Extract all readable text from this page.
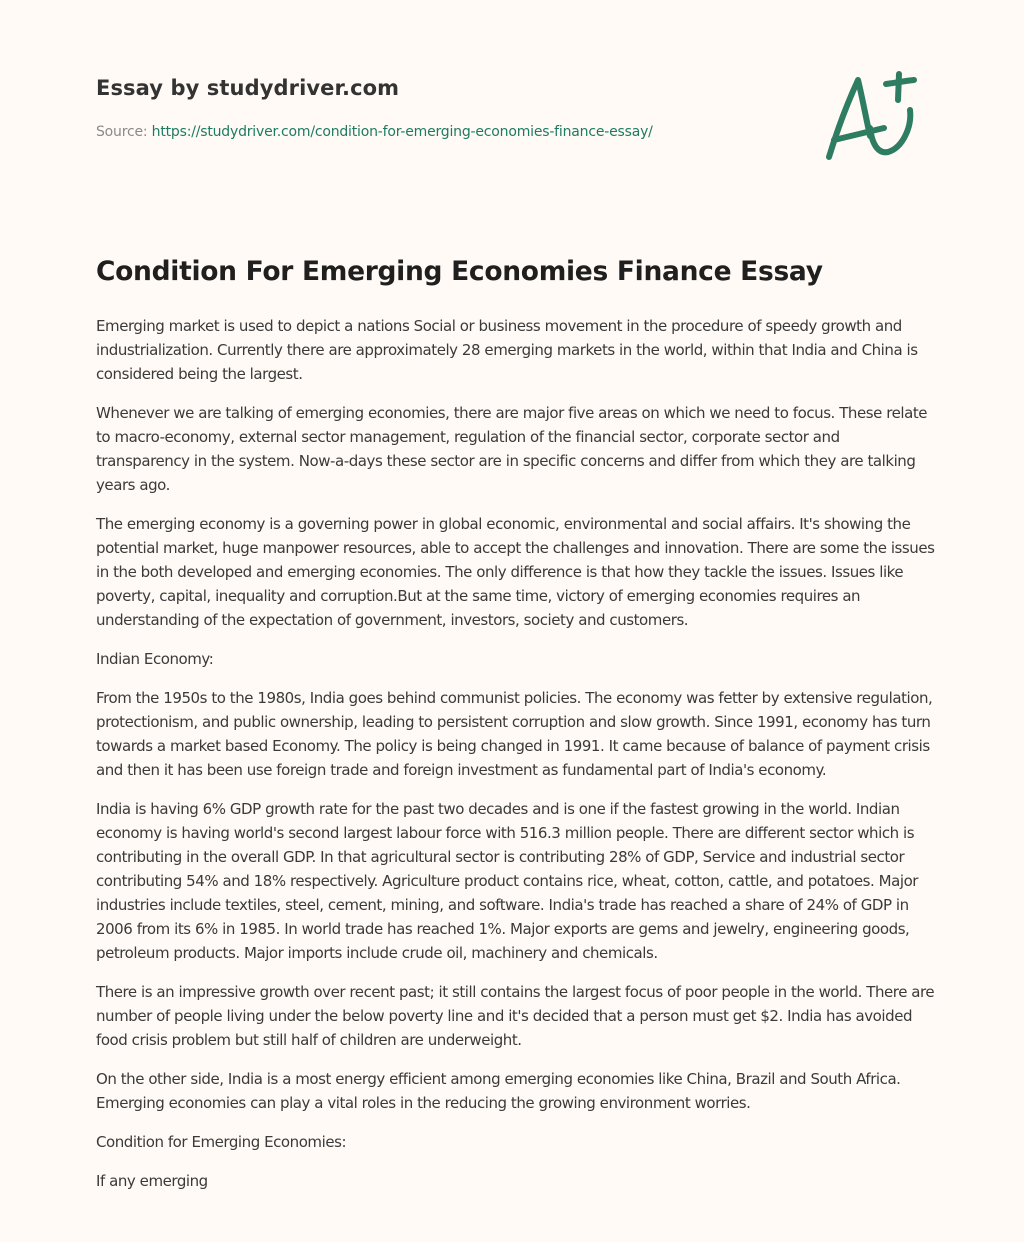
Essay by studydriver.com
Source: https://studydriver.com/condition-for-emerging-economies-finance-essay/
Condition For Emerging Economies Finance Essay

Emerging market is used to depict a nations Social or business movement in the procedure of speedy growth and industrialization. Currently there are approximately 28 emerging markets in the world, within that India and China is considered being the largest.

Whenever we are talking of emerging economies, there are major five areas on which we need to focus. These relate to macro-economy, external sector management, regulation of the financial sector, corporate sector and transparency in the system. Now-a-days these sector are in specific concerns and differ from which they are talking years ago.

The emerging economy is a governing power in global economic, environmental and social affairs. It's showing the potential market, huge manpower resources, able to accept the challenges and innovation. There are some the issues in the both developed and emerging economies. The only difference is that how they tackle the issues. Issues like poverty, capital, inequality and corruption.But at the same time, victory of emerging economies requires an understanding of the expectation of government, investors, society and customers.

Indian Economy:

From the 1950s to the 1980s, India goes behind communist policies. The economy was fetter by extensive regulation, protectionism, and public ownership, leading to persistent corruption and slow growth. Since 1991, economy has turn towards a market based Economy. The policy is being changed in 1991. It came because of balance of payment crisis and then it has been use foreign trade and foreign investment as fundamental part of India's economy.

India is having 6% GDP growth rate for the past two decades and is one if the fastest growing in the world. Indian economy is having world's second largest labour force with 516.3 million people. There are different sector which is contributing in the overall GDP. In that agricultural sector is contributing 28% of GDP, Service and industrial sector contributing 54% and 18% respectively. Agriculture product contains rice, wheat, cotton, cattle, and potatoes. Major industries include textiles, steel, cement, mining, and software. India's trade has reached a share of 24% of GDP in 2006 from its 6% in 1985. In world trade has reached 1%. Major exports are gems and jewelry, engineering goods, petroleum products. Major imports include crude oil, machinery and chemicals.

There is an impressive growth over recent past; it still contains the largest focus of poor people in the world. There are number of people living under the below poverty line and it's decided that a person must get $2. India has avoided food crisis problem but still half of children are underweight.

On the other side, India is a most energy efficient among emerging economies like China, Brazil and South Africa. Emerging economies can play a vital roles in the reducing the growing environment worries.

Condition for Emerging Economies:

If any emerging
